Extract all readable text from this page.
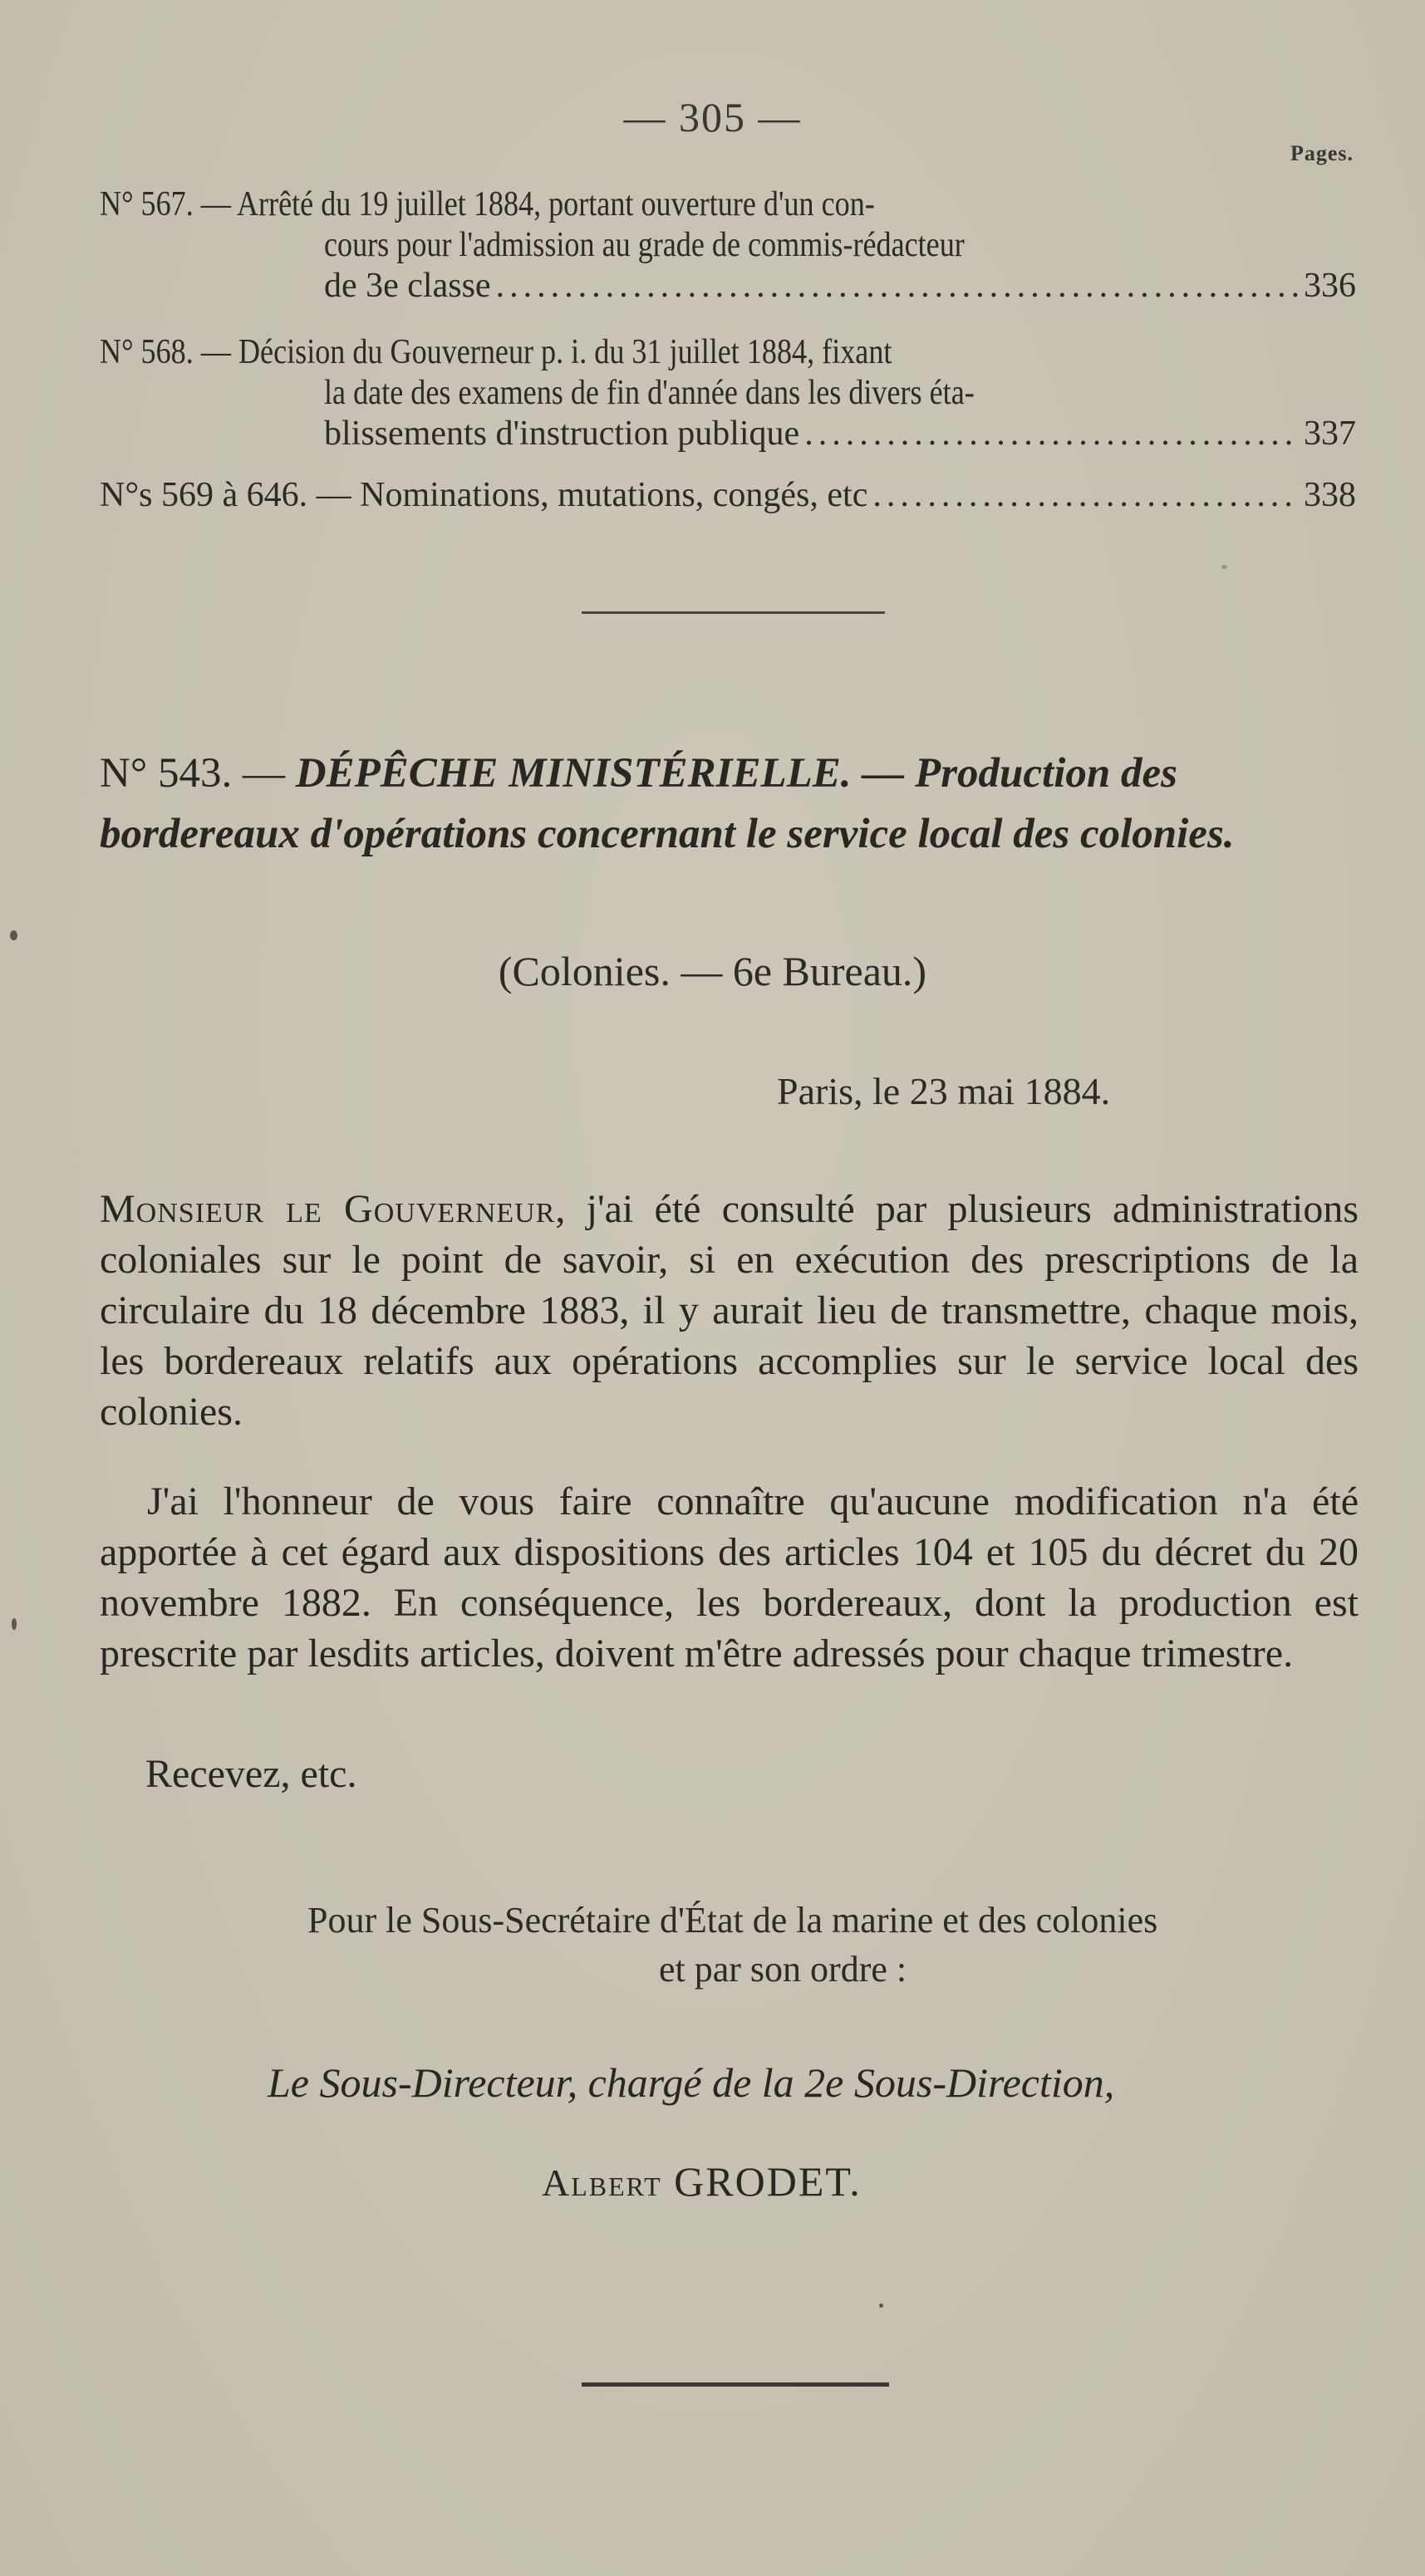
— 305 —
Pages.
N° 567. — Arrêté du 19 juillet 1884, portant ouverture d'un con-
cours pour l'admission au grade de commis-rédacteur
de 3e classe .....	336
N° 568. — Décision du Gouverneur p. i. du 31 juillet 1884, fixant
la date des examens de fin d'année dans les divers éta-
blissements d'instruction publique .....	337
N°s 569 à 646. — Nominations, mutations, congés, etc .....	338
N° 543. — DÉPÊCHE MINISTÉRIELLE. — Production des bordereaux d'opérations concernant le service local des colonies.
(Colonies. — 6e Bureau.)
Paris, le 23 mai 1884.
Monsieur le Gouverneur, j'ai été consulté par plusieurs administrations coloniales sur le point de savoir, si en exécution des prescriptions de la circulaire du 18 décembre 1883, il y aurait lieu de transmettre, chaque mois, les bordereaux relatifs aux opérations accomplies sur le service local des colonies.
J'ai l'honneur de vous faire connaître qu'aucune modification n'a été apportée à cet égard aux dispositions des articles 104 et 105 du décret du 20 novembre 1882. En conséquence, les bordereaux, dont la production est prescrite par lesdits articles, doivent m'être adressés pour chaque trimestre.
Recevez, etc.
Pour le Sous-Secrétaire d'État de la marine et des colonies
et par son ordre :
Le Sous-Directeur, chargé de la 2e Sous-Direction,
Albert GRODET.
